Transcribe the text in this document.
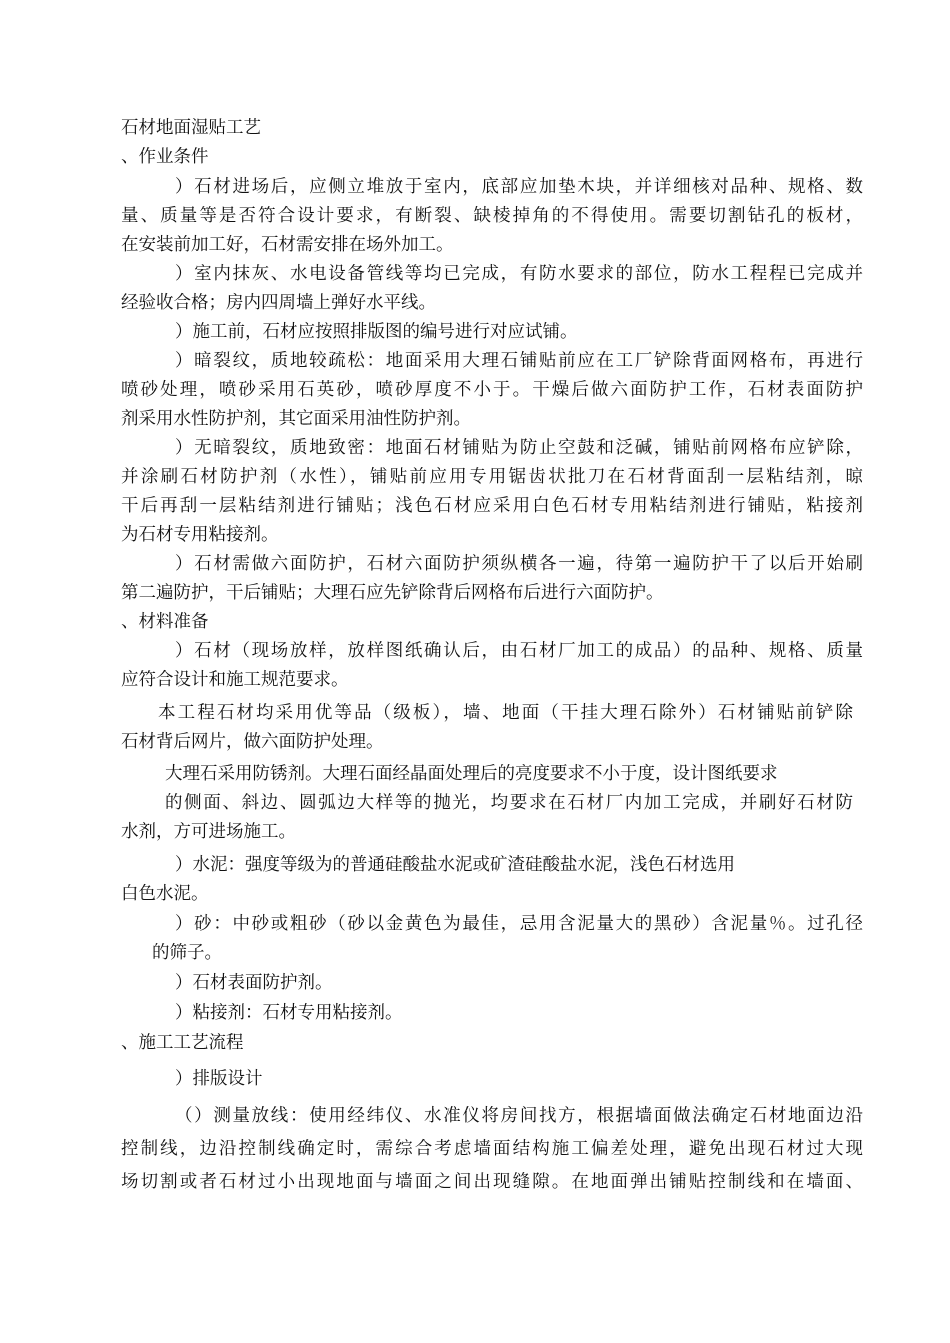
石材地面湿贴工艺
、作业条件
）石材进场后，应侧立堆放于室内，底部应加垫木块，并详细核对品种、规格、数
量、质量等是否符合设计要求，有断裂、缺棱掉角的不得使用。需要切割钻孔的板材，
在安装前加工好，石材需安排在场外加工。
）室内抹灰、水电设备管线等均已完成，有防水要求的部位，防水工程程已完成并
经验收合格；房内四周墙上弹好水平线。
）施工前，石材应按照排版图的编号进行对应试铺。
）暗裂纹，质地较疏松：地面采用大理石铺贴前应在工厂铲除背面网格布，再进行
喷砂处理，喷砂采用石英砂，喷砂厚度不小于。干燥后做六面防护工作，石材表面防护
剂采用水性防护剂，其它面采用油性防护剂。
）无暗裂纹，质地致密：地面石材铺贴为防止空鼓和泛碱，铺贴前网格布应铲除，
并涂刷石材防护剂（水性），铺贴前应用专用锯齿状批刀在石材背面刮一层粘结剂，晾
干后再刮一层粘结剂进行铺贴；浅色石材应采用白色石材专用粘结剂进行铺贴，粘接剂
为石材专用粘接剂。
）石材需做六面防护，石材六面防护须纵横各一遍，待第一遍防护干了以后开始刷
第二遍防护，干后铺贴；大理石应先铲除背后网格布后进行六面防护。
、材料准备
）石材（现场放样，放样图纸确认后，由石材厂加工的成品）的品种、规格、质量
应符合设计和施工规范要求。
本工程石材均采用优等品（级板），墙、地面（干挂大理石除外）石材铺贴前铲除
石材背后网片，做六面防护处理。
大理石采用防锈剂。大理石面经晶面处理后的亮度要求不小于度，设计图纸要求
的侧面、斜边、圆弧边大样等的抛光，均要求在石材厂内加工完成，并刷好石材防
水剂，方可进场施工。
）水泥：强度等级为的普通硅酸盐水泥或矿渣硅酸盐水泥，浅色石材选用
白色水泥。
）砂：中砂或粗砂（砂以金黄色为最佳，忌用含泥量大的黑砂）含泥量％。过孔径
的筛子。
）石材表面防护剂。
）粘接剂：石材专用粘接剂。
、施工工艺流程
）排版设计
（）测量放线：使用经纬仪、水准仪将房间找方，根据墙面做法确定石材地面边沿
控制线，边沿控制线确定时，需综合考虑墙面结构施工偏差处理，避免出现石材过大现
场切割或者石材过小出现地面与墙面之间出现缝隙。在地面弹出铺贴控制线和在墙面、
